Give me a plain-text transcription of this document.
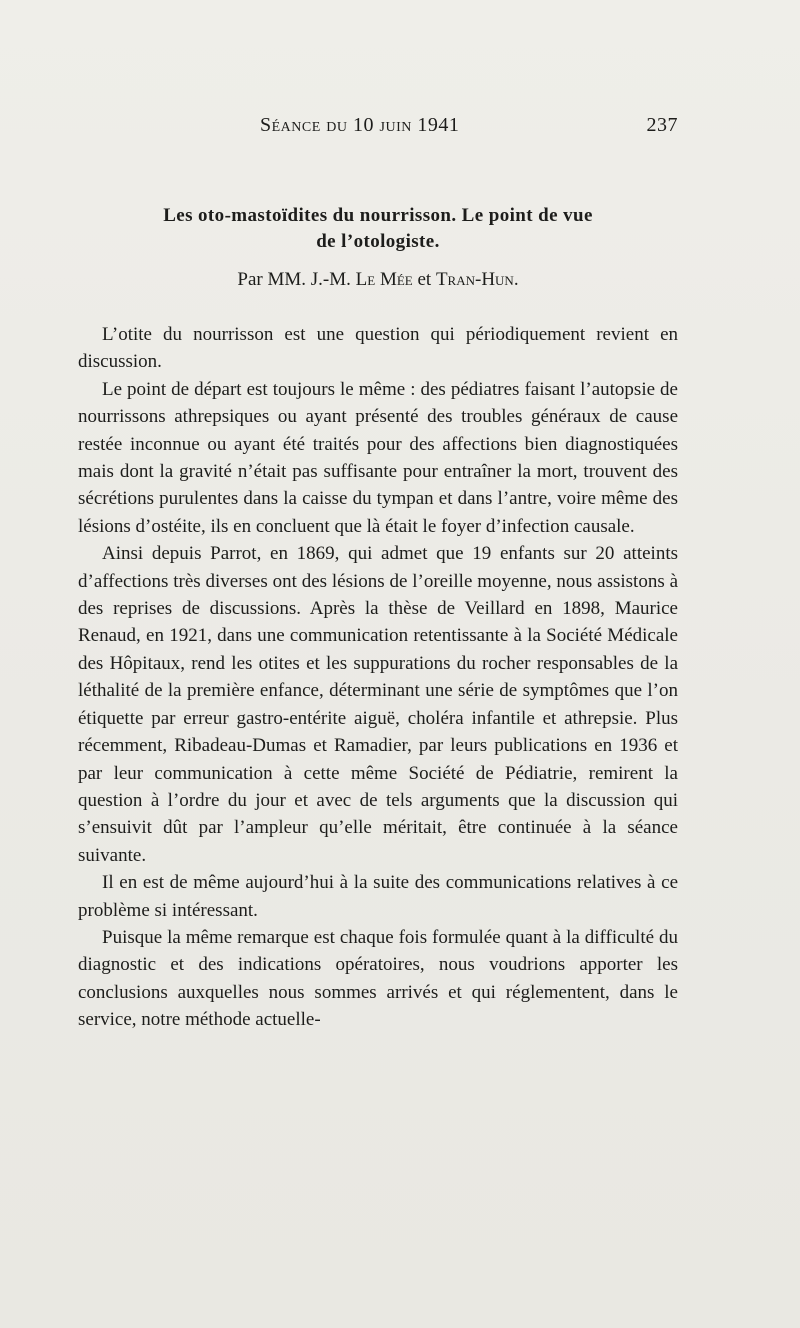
Séance du 10 juin 1941	237
Les oto-mastoïdites du nourrisson. Le point de vue
de l’otologiste.
Par MM. J.-M. Le Mée et Tran-Hun.

L’otite du nourrisson est une question qui périodiquement revient en discussion.

Le point de départ est toujours le même : des pédiatres faisant l’autopsie de nourrissons athrepsiques ou ayant présenté des troubles généraux de cause restée inconnue ou ayant été traités pour des affections bien diagnostiquées mais dont la gravité n’était pas suffisante pour entraîner la mort, trouvent des sécrétions purulentes dans la caisse du tympan et dans l’antre, voire même des lésions d’ostéite, ils en concluent que là était le foyer d’infection causale.

Ainsi depuis Parrot, en 1869, qui admet que 19 enfants sur 20 atteints d’affections très diverses ont des lésions de l’oreille moyenne, nous assistons à des reprises de discussions. Après la thèse de Veillard en 1898, Maurice Renaud, en 1921, dans une communication retentissante à la Société Médicale des Hôpitaux, rend les otites et les suppurations du rocher responsables de la léthalité de la première enfance, déterminant une série de symptômes que l’on étiquette par erreur gastro-entérite aiguë, choléra infantile et athrepsie. Plus récemment, Ribadeau-Dumas et Ramadier, par leurs publications en 1936 et par leur communication à cette même Société de Pédiatrie, remirent la question à l’ordre du jour et avec de tels arguments que la discussion qui s’ensuivit dût par l’ampleur qu’elle méritait, être continuée à la séance suivante.

Il en est de même aujourd’hui à la suite des communications relatives à ce problème si intéressant.

Puisque la même remarque est chaque fois formulée quant à la difficulté du diagnostic et des indications opératoires, nous voudrions apporter les conclusions auxquelles nous sommes arrivés et qui réglementent, dans le service, notre méthode actuelle-
